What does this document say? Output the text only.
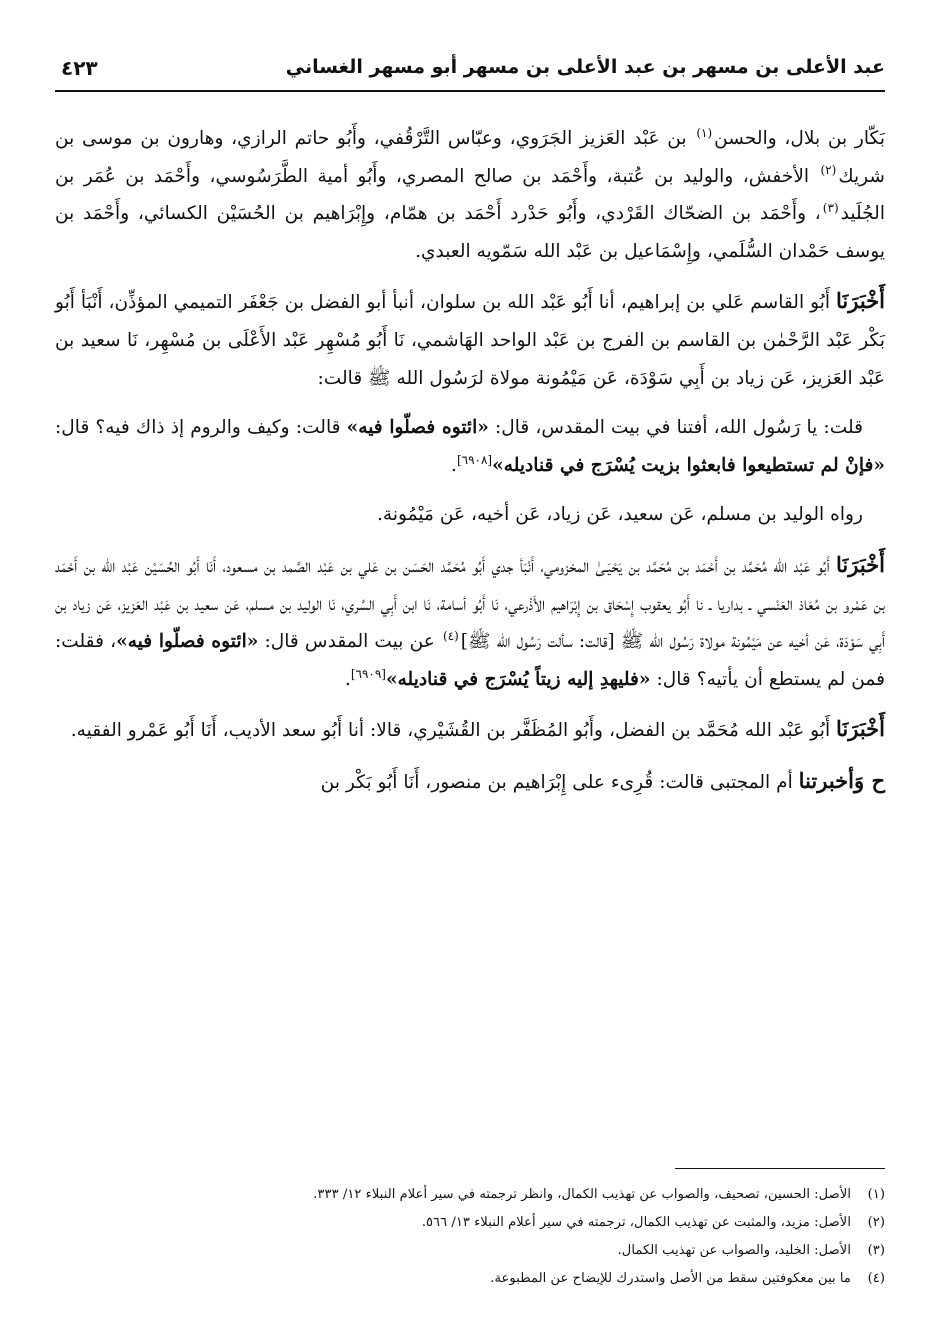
عبد الأعلى بن مسهر بن عبد الأعلى بن مسهر أبو مسهر الغساني
٤٢٣

بَكّار بن بلال، والحسن$^{(١)}$ بن عَبْد العَزيز الجَرَوي، وعبّاس التَّرْقُفي، وأَبُو حاتم الرازي، وهارون بن موسى بن شريك$^{(٢)}$ الأخفش، والوليد بن عُتبة، وأَحْمَد بن صالح المصري، وأَبُو أمية الطَّرَسُوسي، وأَحْمَد بن عُمَر بن الجُلَيد$^{(٣)}$، وأَحْمَد بن الضحّاك القَرْدي، وأَبُو حَدْرد أَحْمَد بن همّام، وإِبْرَاهيم بن الحُسَيْن الكسائي، وأَحْمَد بن يوسف حَمْدان السُّلَمي، وإِسْمَاعيل بن عَبْد الله سَمّويه العبدي.

أَخْبَرَنَا أَبُو القاسم عَلي بن إبراهيم، أنا أَبُو عَبْد الله بن سلوان، أنبأ أبو الفضل بن جَعْفَر التميمي المؤذِّن، أَنْبَأ أَبُو بَكْر عَبْد الرَّحْمٰن بن القاسم بن الفرج بن عَبْد الواحد الهَاشمي، نَا أَبُو مُسْهِر عَبْد الأَعْلَى بن مُسْهِر، نَا سعيد بن عَبْد العَزيز، عَن زياد بن أَبِي سَوْدَة، عَن مَيْمُونة مولاة لرَسُول الله ﷺ قالت:

قلت: يا رَسُول الله، أفتنا في بيت المقدس، قال: «ائتوه فصلّوا فيه» قالت: وكيف والروم إذ ذاك فيه؟ قال: «فإنْ لم تستطيعوا فابعثوا بزيت يُسْرَج في قناديله»[٦٩٠٨].

رواه الوليد بن مسلم، عَن سعيد، عَن زياد، عَن أخيه، عَن مَيْمُونة.

أَخْبَرَنَا أَبُو عَبْد الله مُحَمَّد بن أَحْمَد بن مُحَمَّد بن يَحْيَـىٰ المخزومي، أَنْبَأ جدي أَبُو مُحَمَّد الحَسَن بن عَلي بن عَبْد الصَّمد بن مسعود، أَنَا أَبُو الحُسَيْن عَبْد الله بن أَحْمَد بن عَمْرو بن مُعَاذ العَنْسي ـ بداريا ـ نا أَبُو يعقوب إِسْحَاق بن إِبْرَاهيم الأَذْرعي، نَا أَبُو أسامة، نَا ابن أَبِي السَّري، نَا الوليد بن مسلم، عَن سعيد بن عَبْد العَزيز، عَن زياد بن أَبِي سَوْدَة، عَن أخيه عن مَيْمُونة مولاة رَسُول الله ﷺ [قالت: سألت رَسُول الله ﷺ]$^{(٤)}$ عن بيت المقدس قال: «ائتوه فصلّوا فيه»، فقلت: فمن لم يستطع أن يأتيه؟ قال: «فليهدِ إليه زيتاً يُسْرَج في قناديله»[٦٩٠٩].

أَخْبَرَنَا أَبُو عَبْد الله مُحَمَّد بن الفضل، وأَبُو المُظَفَّر بن القُشَيْري، قالا: أنا أَبُو سعد الأديب، أَنَا أَبُو عَمْرو الفقيه.

ح وَأخبرتنا أم المجتبى قالت: قُرِىء على إِبْرَاهيم بن منصور، أَنَا أَبُو بَكْر بن

(١)
الأصل: الحسين، تصحيف، والصواب عن تهذيب الكمال، وانظر ترجمته في سير أعلام النبلاء ١٢/ ٣٣٣.
(٢)
الأصل: مزيد، والمثبت عن تهذيب الكمال، ترجمته في سير أعلام النبلاء ١٣/ ٥٦٦.
(٣)
الأصل: الخليد، والصواب عن تهذيب الكمال.
(٤)
ما بين معكوفتين سقط من الأصل واستدرك للإيضاح عن المطبوعة.
